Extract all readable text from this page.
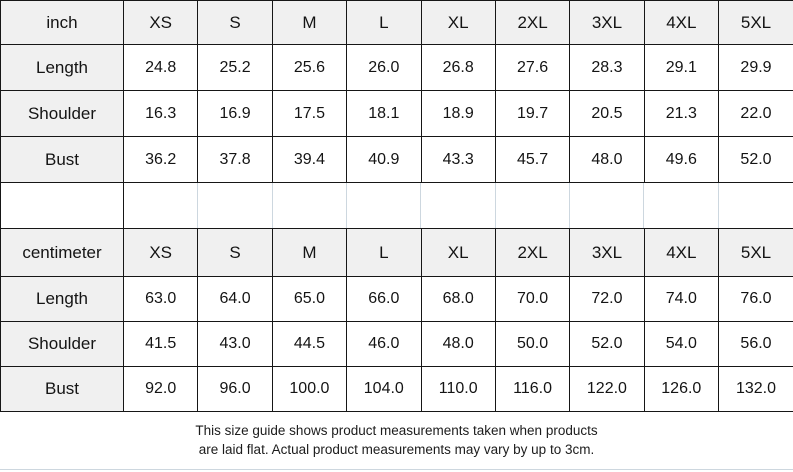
inch	XS	S	M	L	XL	2XL	3XL	4XL	5XL
Length	24.8	25.2	25.6	26.0	26.8	27.6	28.3	29.1	29.9
Shoulder	16.3	16.9	17.5	18.1	18.9	19.7	20.5	21.3	22.0
Bust	36.2	37.8	39.4	40.9	43.3	45.7	48.0	49.6	52.0
centimeter	XS	S	M	L	XL	2XL	3XL	4XL	5XL
Length	63.0	64.0	65.0	66.0	68.0	70.0	72.0	74.0	76.0
Shoulder	41.5	43.0	44.5	46.0	48.0	50.0	52.0	54.0	56.0
Bust	92.0	96.0	100.0	104.0	110.0	116.0	122.0	126.0	132.0
This size guide shows product measurements taken when products
are laid flat. Actual product measurements may vary by up to 3cm.
